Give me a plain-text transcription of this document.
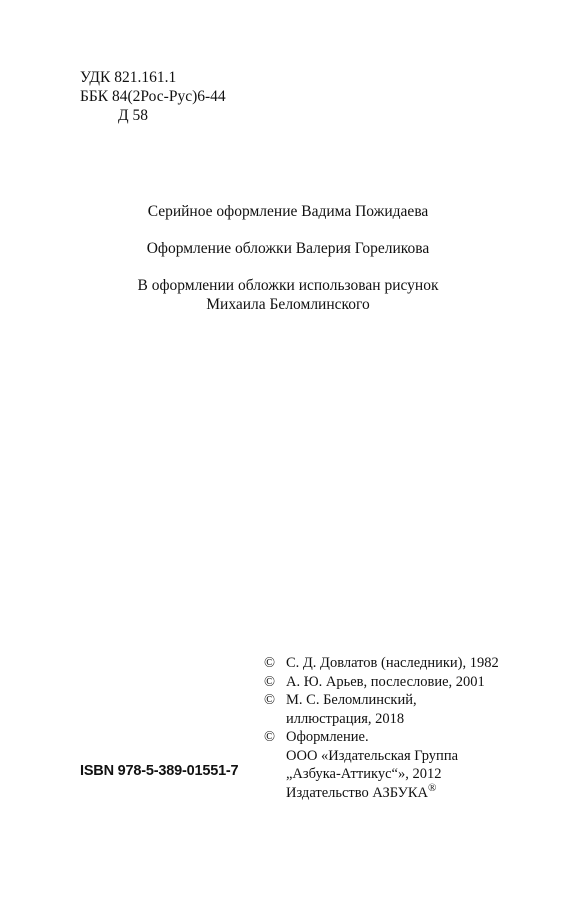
УДК 821.161.1
ББК 84(2Рос-Рус)6-44
Д 58

Серийное оформление Вадима Пожидаева

Оформление обложки Валерия Гореликова

В оформлении обложки использован рисунок
Михаила Беломлинского

© С. Д. Довлатов (наследники), 1982
© А. Ю. Арьев, послесловие, 2001
© М. С. Беломлинский,
иллюстрация, 2018
© Оформление.
ООО «Издательская Группа
„Азбука-Аттикус“», 2012
Издательство АЗБУКА®
ISBN 978-5-389-01551-7
